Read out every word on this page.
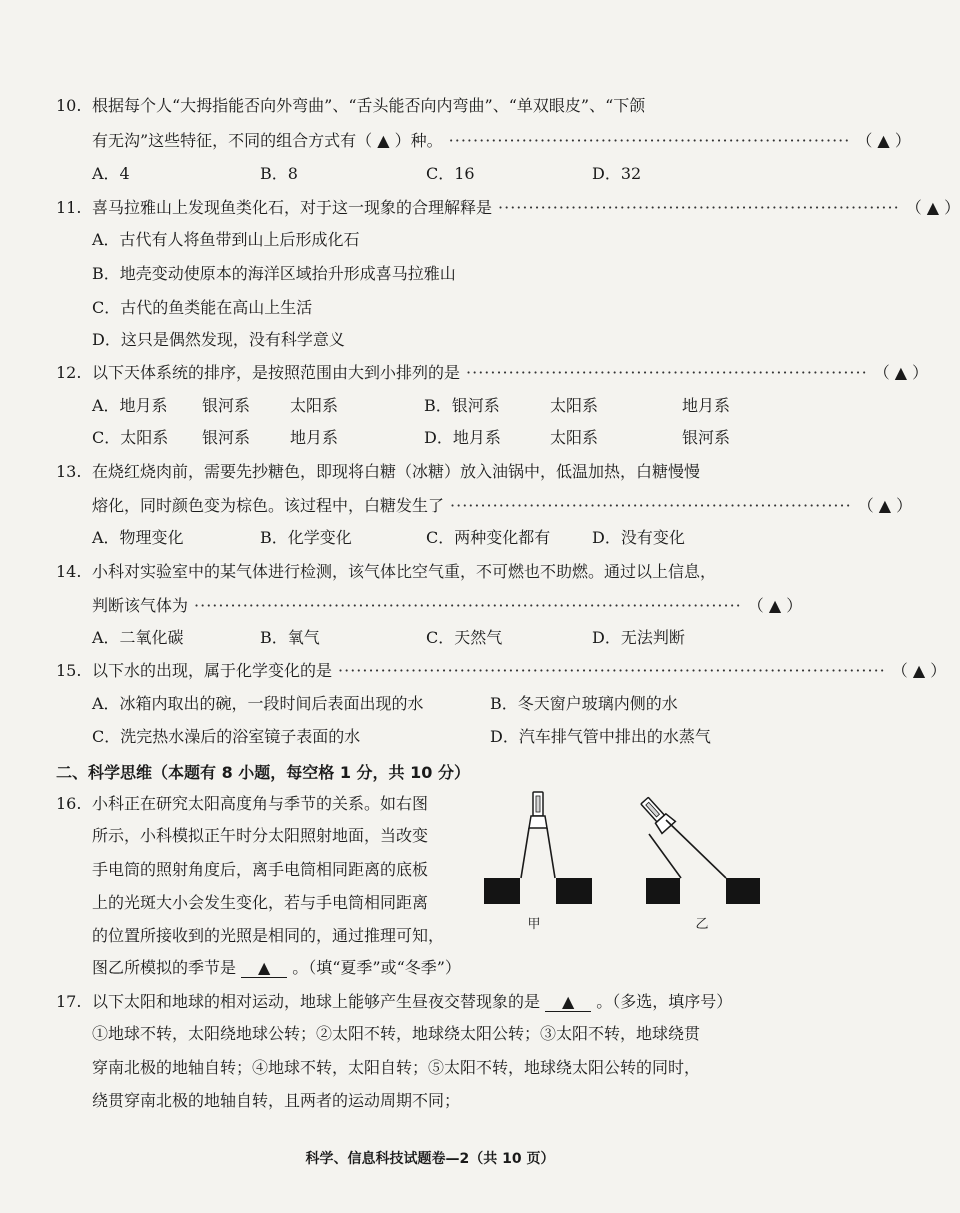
10. 根据每个人“大拇指能否向外弯曲”、“舌头能否向内弯曲”、“单双眼皮”、“下颌
有无沟”这些特征，不同的组合方式有（ ▲ ）种。 ·································································· （ ▲ ）
A．4	B．8	C．16	D．32
11. 喜马拉雅山上发现鱼类化石，对于这一现象的合理解释是 ·································································· （ ▲ ）
A．古代有人将鱼带到山上后形成化石
B．地壳变动使原本的海洋区域抬升形成喜马拉雅山
C．古代的鱼类能在高山上生活
D．这只是偶然发现，没有科学意义
12. 以下天体系统的排序，是按照范围由大到小排列的是 ·································································· （ ▲ ）
A．地月系 银河系 太阳系	B．银河系	太阳系	地月系
C．太阳系 银河系 地月系	D．地月系	太阳系	银河系
13. 在烧红烧肉前，需要先抄糖色，即现将白糖（冰糖）放入油锅中，低温加热，白糖慢慢
熔化，同时颜色变为棕色。该过程中，白糖发生了 ·································································· （ ▲ ）
A．物理变化	B．化学变化	C．两种变化都有	D．没有变化
14. 小科对实验室中的某气体进行检测，该气体比空气重，不可燃也不助燃。通过以上信息，
判断该气体为 ·························································································· （ ▲ ）
A．二氧化碳	B．氧气	C．天然气	D．无法判断
15. 以下水的出现，属于化学变化的是 ·························································································· （ ▲ ）
A．冰箱内取出的碗，一段时间后表面出现的水	B．冬天窗户玻璃内侧的水
C．洗完热水澡后的浴室镜子表面的水	D．汽车排气管中排出的水蒸气
二、科学思维（本题有 8 小题，每空格 1 分，共 10 分）
16. 小科正在研究太阳高度角与季节的关系。如右图
所示，小科模拟正午时分太阳照射地面，当改变
手电筒的照射角度后，离手电筒相同距离的底板
上的光斑大小会发生变化，若与手电筒相同距离
的位置所接收到的光照是相同的，通过推理可知，
图乙所模拟的季节是 ▲ 。（填“夏季”或“冬季”）
甲	乙
17. 以下太阳和地球的相对运动，地球上能够产生昼夜交替现象的是 ▲ 。（多选，填序号）
①地球不转，太阳绕地球公转；②太阳不转，地球绕太阳公转；③太阳不转，地球绕贯
穿南北极的地轴自转；④地球不转，太阳自转；⑤太阳不转，地球绕太阳公转的同时，
绕贯穿南北极的地轴自转，且两者的运动周期不同；
科学、信息科技试题卷—2（共 10 页）
